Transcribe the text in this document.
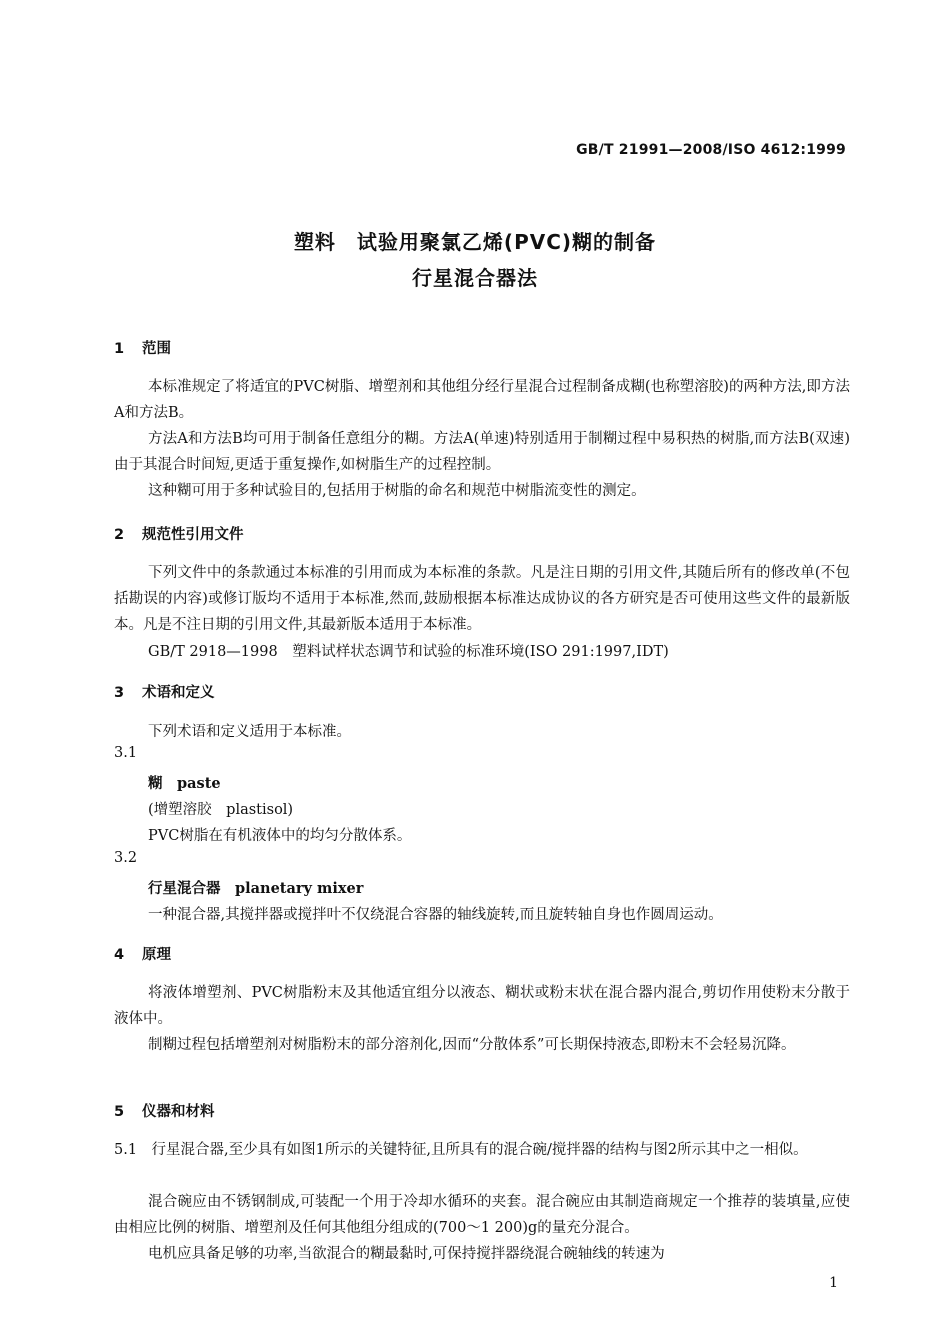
GB/T 21991—2008/ISO 4612:1999
塑料　试验用聚氯乙烯(PVC)糊的制备
行星混合器法
1 范围
本标准规定了将适宜的PVC树脂、增塑剂和其他组分经行星混合过程制备成糊(也称塑溶胶)的两种方法,即方法A和方法B。
方法A和方法B均可用于制备任意组分的糊。方法A(单速)特别适用于制糊过程中易积热的树脂,而方法B(双速)由于其混合时间短,更适于重复操作,如树脂生产的过程控制。
这种糊可用于多种试验目的,包括用于树脂的命名和规范中树脂流变性的测定。
2 规范性引用文件
下列文件中的条款通过本标准的引用而成为本标准的条款。凡是注日期的引用文件,其随后所有的修改单(不包括勘误的内容)或修订版均不适用于本标准,然而,鼓励根据本标准达成协议的各方研究是否可使用这些文件的最新版本。凡是不注日期的引用文件,其最新版本适用于本标准。
GB/T 2918—1998　塑料试样状态调节和试验的标准环境(ISO 291:1997,IDT)
3 术语和定义
下列术语和定义适用于本标准。
3.1
糊　paste
(增塑溶胶　plastisol)
PVC树脂在有机液体中的均匀分散体系。
3.2
行星混合器　planetary mixer
一种混合器,其搅拌器或搅拌叶不仅绕混合容器的轴线旋转,而且旋转轴自身也作圆周运动。
4 原理
将液体增塑剂、PVC树脂粉末及其他适宜组分以液态、糊状或粉末状在混合器内混合,剪切作用使粉末分散于液体中。
制糊过程包括增塑剂对树脂粉末的部分溶剂化,因而“分散体系”可长期保持液态,即粉末不会轻易沉降。
5 仪器和材料
5.1　行星混合器,至少具有如图1所示的关键特征,且所具有的混合碗/搅拌器的结构与图2所示其中之一相似。
混合碗应由不锈钢制成,可装配一个用于冷却水循环的夹套。混合碗应由其制造商规定一个推荐的装填量,应使由相应比例的树脂、增塑剂及任何其他组分组成的(700～1 200)g的量充分混合。
电机应具备足够的功率,当欲混合的糊最黏时,可保持搅拌器绕混合碗轴线的转速为
1
